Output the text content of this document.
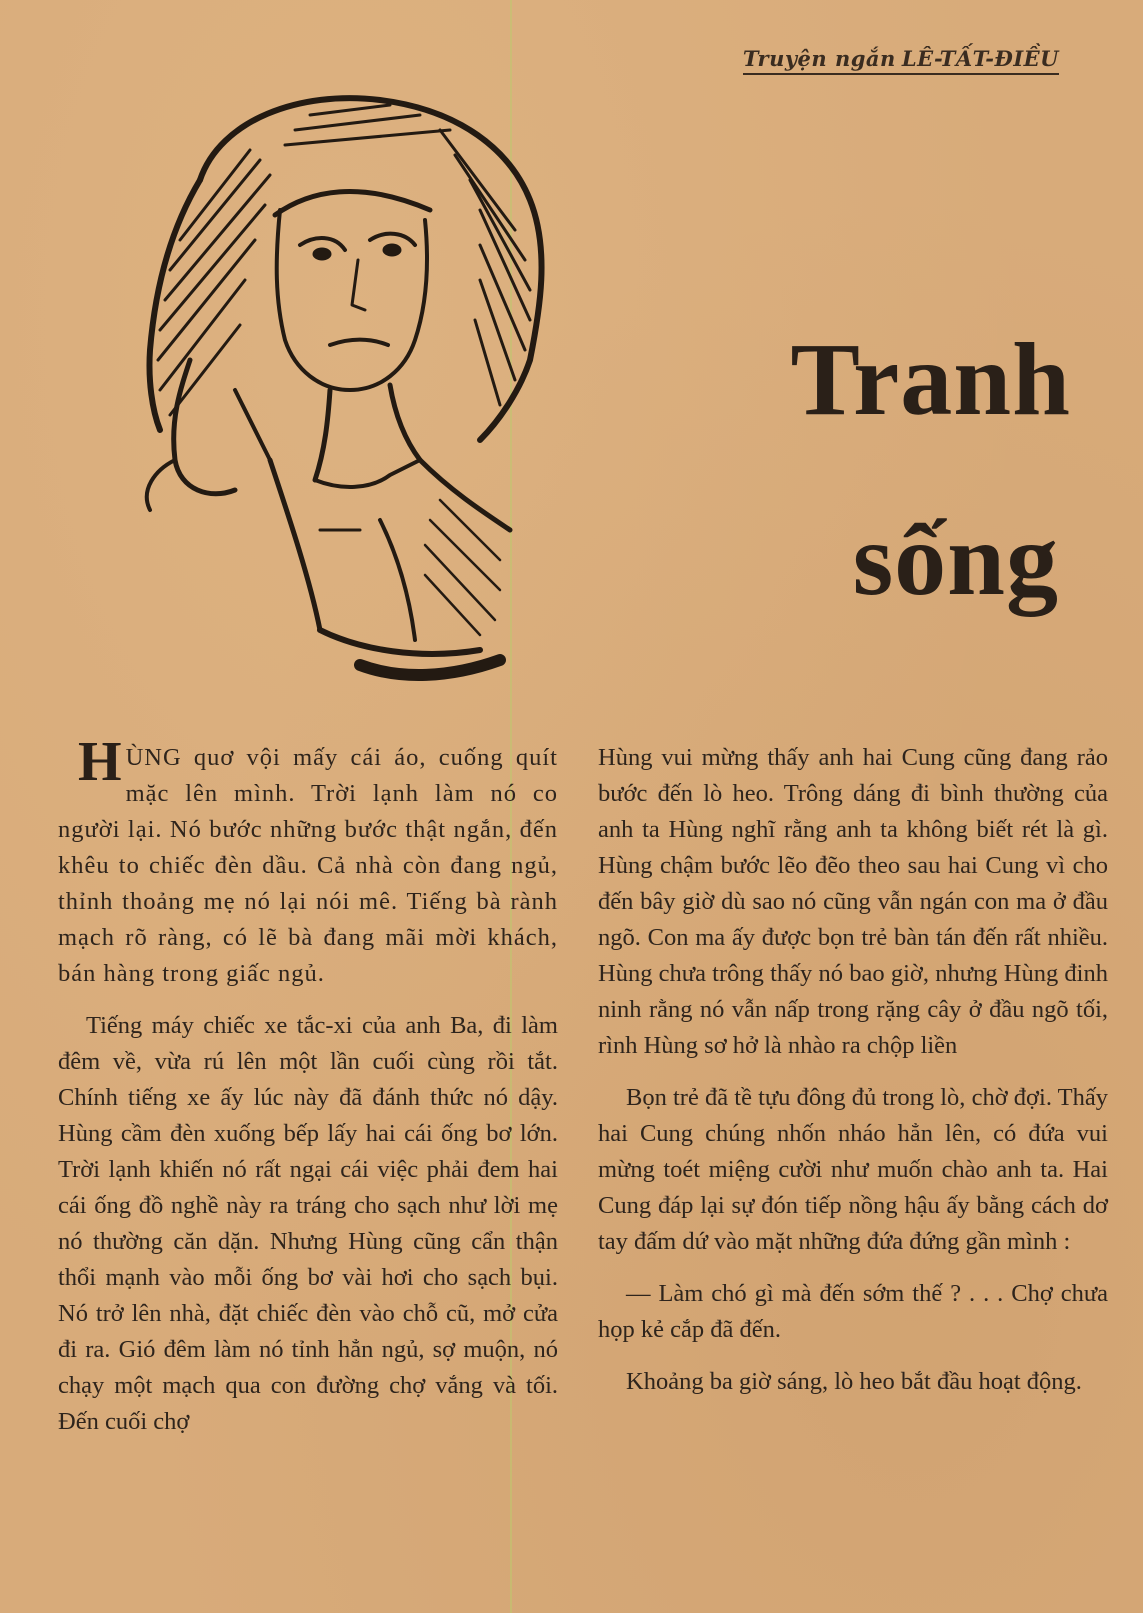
Truyện ngắn LÊ-TẤT-ĐIỀU
Tranh
sống

HÙNG quơ vội mấy cái áo, cuống quít mặc lên mình. Trời lạnh làm nó co người lại. Nó bước những bước thật ngắn, đến khêu to chiếc đèn dầu. Cả nhà còn đang ngủ, thỉnh thoảng mẹ nó lại nói mê. Tiếng bà rành mạch rõ ràng, có lẽ bà đang mãi mời khách, bán hàng trong giấc ngủ.

Tiếng máy chiếc xe tắc-xi của anh Ba, đi làm đêm về, vừa rú lên một lần cuối cùng rồi tắt. Chính tiếng xe ấy lúc này đã đánh thức nó dậy. Hùng cầm đèn xuống bếp lấy hai cái ống bơ lớn. Trời lạnh khiến nó rất ngại cái việc phải đem hai cái ống đồ nghề này ra tráng cho sạch như lời mẹ nó thường căn dặn. Nhưng Hùng cũng cẩn thận thổi mạnh vào mỗi ống bơ vài hơi cho sạch bụi. Nó trở lên nhà, đặt chiếc đèn vào chỗ cũ, mở cửa đi ra. Gió đêm làm nó tỉnh hẳn ngủ, sợ muộn, nó chạy một mạch qua con đường chợ vắng và tối. Đến cuối chợ

Hùng vui mừng thấy anh hai Cung cũng đang rảo bước đến lò heo. Trông dáng đi bình thường của anh ta Hùng nghĩ rằng anh ta không biết rét là gì. Hùng chậm bước lẽo đẽo theo sau hai Cung vì cho đến bây giờ dù sao nó cũng vẫn ngán con ma ở đầu ngõ. Con ma ấy được bọn trẻ bàn tán đến rất nhiều. Hùng chưa trông thấy nó bao giờ, nhưng Hùng đinh ninh rằng nó vẫn nấp trong rặng cây ở đầu ngõ tối, rình Hùng sơ hở là nhào ra chộp liền

Bọn trẻ đã tề tựu đông đủ trong lò, chờ đợi. Thấy hai Cung chúng nhốn nháo hẳn lên, có đứa vui mừng toét miệng cười như muốn chào anh ta. Hai Cung đáp lại sự đón tiếp nồng hậu ấy bằng cách dơ tay đấm dứ vào mặt những đứa đứng gần mình :

— Làm chó gì mà đến sớm thế ? . . . Chợ chưa họp kẻ cắp đã đến.

Khoảng ba giờ sáng, lò heo bắt đầu hoạt động.
